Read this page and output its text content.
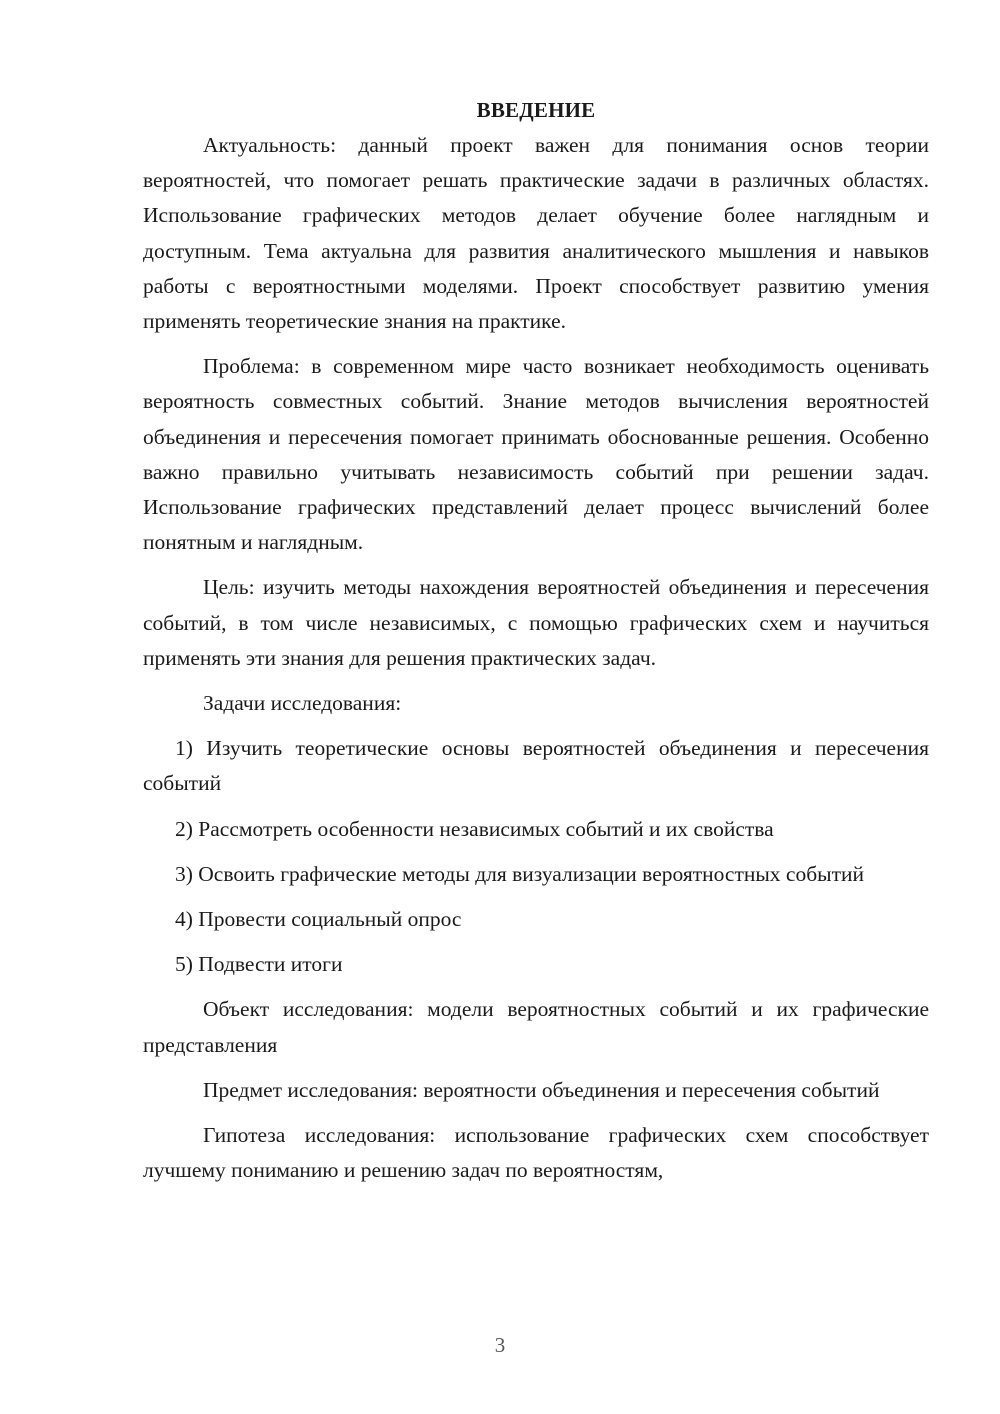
ВВЕДЕНИЕ

Актуальность: данный проект важен для понимания основ теории вероятностей, что помогает решать практические задачи в различных областях. Использование графических методов делает обучение более наглядным и доступным. Тема актуальна для развития аналитического мышления и навыков работы с вероятностными моделями. Проект способствует развитию умения применять теоретические знания на практике.

Проблема: в современном мире часто возникает необходимость оценивать вероятность совместных событий. Знание методов вычисления вероятностей объединения и пересечения помогает принимать обоснованные решения. Особенно важно правильно учитывать независимость событий при решении задач. Использование графических представлений делает процесс вычислений более понятным и наглядным.

Цель: изучить методы нахождения вероятностей объединения и пересечения событий, в том числе независимых, с помощью графических схем и научиться применять эти знания для решения практических задач.

Задачи исследования:

1) Изучить теоретические основы вероятностей объединения и пересечения событий

2) Рассмотреть особенности независимых событий и их свойства

3) Освоить графические методы для визуализации вероятностных событий

4) Провести социальный опрос

5) Подвести итоги

Объект исследования: модели вероятностных событий и их графические представления

Предмет исследования: вероятности объединения и пересечения событий

Гипотеза исследования: использование графических схем способствует лучшему пониманию и решению задач по вероятностям,

3
